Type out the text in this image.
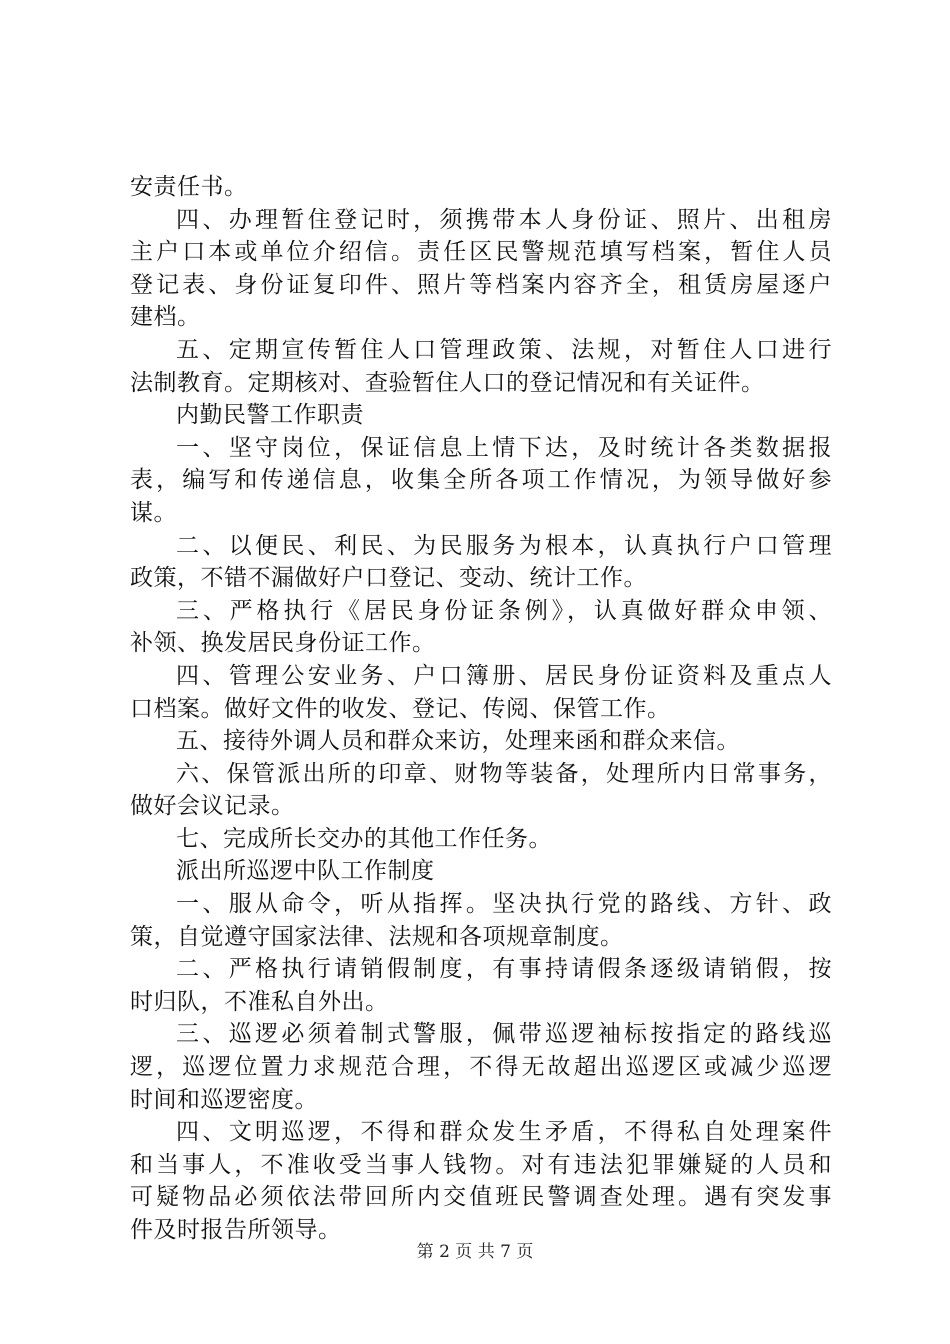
安责任书。
四、办理暂住登记时，须携带本人身份证、照片、出租房
主户口本或单位介绍信。责任区民警规范填写档案，暂住人员
登记表、身份证复印件、照片等档案内容齐全，租赁房屋逐户
建档。
五、定期宣传暂住人口管理政策、法规，对暂住人口进行
法制教育。定期核对、查验暂住人口的登记情况和有关证件。
内勤民警工作职责
一、坚守岗位，保证信息上情下达，及时统计各类数据报
表，编写和传递信息，收集全所各项工作情况，为领导做好参
谋。
二、以便民、利民、为民服务为根本，认真执行户口管理
政策，不错不漏做好户口登记、变动、统计工作。
三、严格执行《居民身份证条例》，认真做好群众申领、
补领、换发居民身份证工作。
四、管理公安业务、户口簿册、居民身份证资料及重点人
口档案。做好文件的收发、登记、传阅、保管工作。
五、接待外调人员和群众来访，处理来函和群众来信。
六、保管派出所的印章、财物等装备，处理所内日常事务，
做好会议记录。
七、完成所长交办的其他工作任务。
派出所巡逻中队工作制度
一、服从命令，听从指挥。坚决执行党的路线、方针、政
策，自觉遵守国家法律、法规和各项规章制度。
二、严格执行请销假制度，有事持请假条逐级请销假，按
时归队，不准私自外出。
三、巡逻必须着制式警服，佩带巡逻袖标按指定的路线巡
逻，巡逻位置力求规范合理，不得无故超出巡逻区或减少巡逻
时间和巡逻密度。
四、文明巡逻，不得和群众发生矛盾，不得私自处理案件
和当事人，不准收受当事人钱物。对有违法犯罪嫌疑的人员和
可疑物品必须依法带回所内交值班民警调查处理。遇有突发事
件及时报告所领导。
第 2 页 共 7 页
